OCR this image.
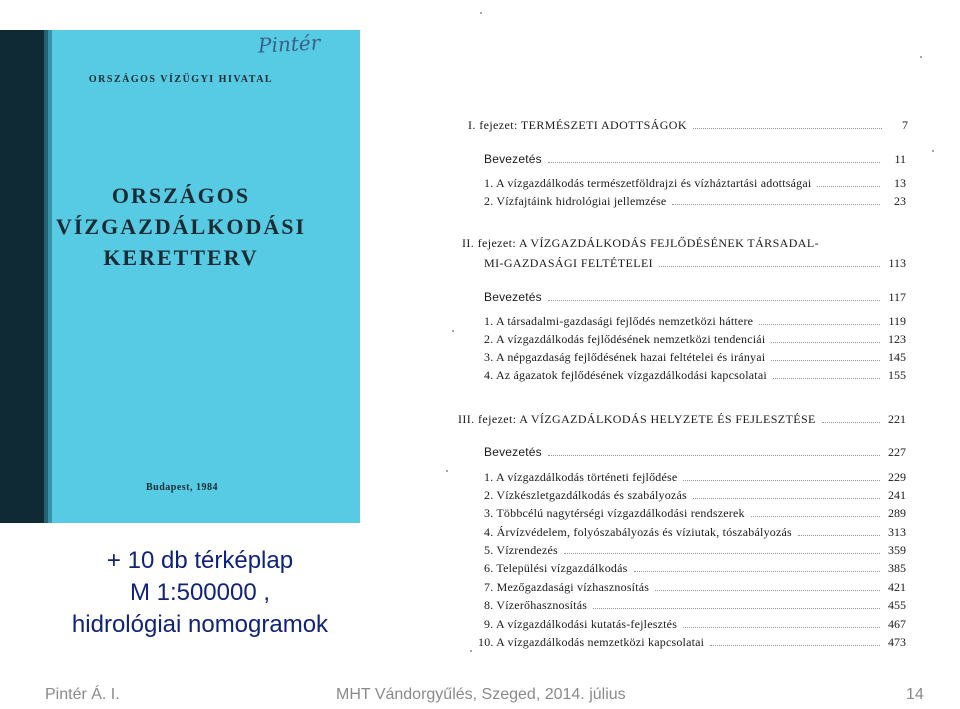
Pintér
ORSZÁGOS VÍZÜGYI HIVATAL
ORSZÁGOS
VÍZGAZDÁLKODÁSI
KERETTERV
Budapest, 1984
+ 10 db térképlap
M 1:500000 ,
hidrológiai nomogramok
I. fejezet: TERMÉSZETI ADOTTSÁGOK	7
Bevezetés	11
1. A vízgazdálkodás természetföldrajzi és vízháztartási adottságai	13
2. Vízfajtáink hidrológiai jellemzése	23
II. fejezet: A VÍZGAZDÁLKODÁS FEJLŐDÉSÉNEK TÁRSADAL-
MI-GAZDASÁGI FELTÉTELEI	113
Bevezetés	117
1. A társadalmi-gazdasági fejlődés nemzetközi háttere	119
2. A vízgazdálkodás fejlődésének nemzetközi tendenciái	123
3. A népgazdaság fejlődésének hazai feltételei és irányai	145
4. Az ágazatok fejlődésének vízgazdálkodási kapcsolatai	155
III. fejezet: A VÍZGAZDÁLKODÁS HELYZETE ÉS FEJLESZTÉSE	221
Bevezetés	227
1. A vízgazdálkodás történeti fejlődése	229
2. Vízkészletgazdálkodás és szabályozás	241
3. Többcélú nagytérségi vízgazdálkodási rendszerek	289
4. Árvízvédelem, folyószabályozás és víziutak, tószabályozás	313
5. Vízrendezés	359
6. Települési vízgazdálkodás	385
7. Mezőgazdasági vízhasznosítás	421
8. Vízerőhasznosítás	455
9. A vízgazdálkodási kutatás-fejlesztés	467
10. A vízgazdálkodás nemzetközi kapcsolatai	473
Pintér Á. I.	MHT Vándorgyűlés, Szeged, 2014. július	14
